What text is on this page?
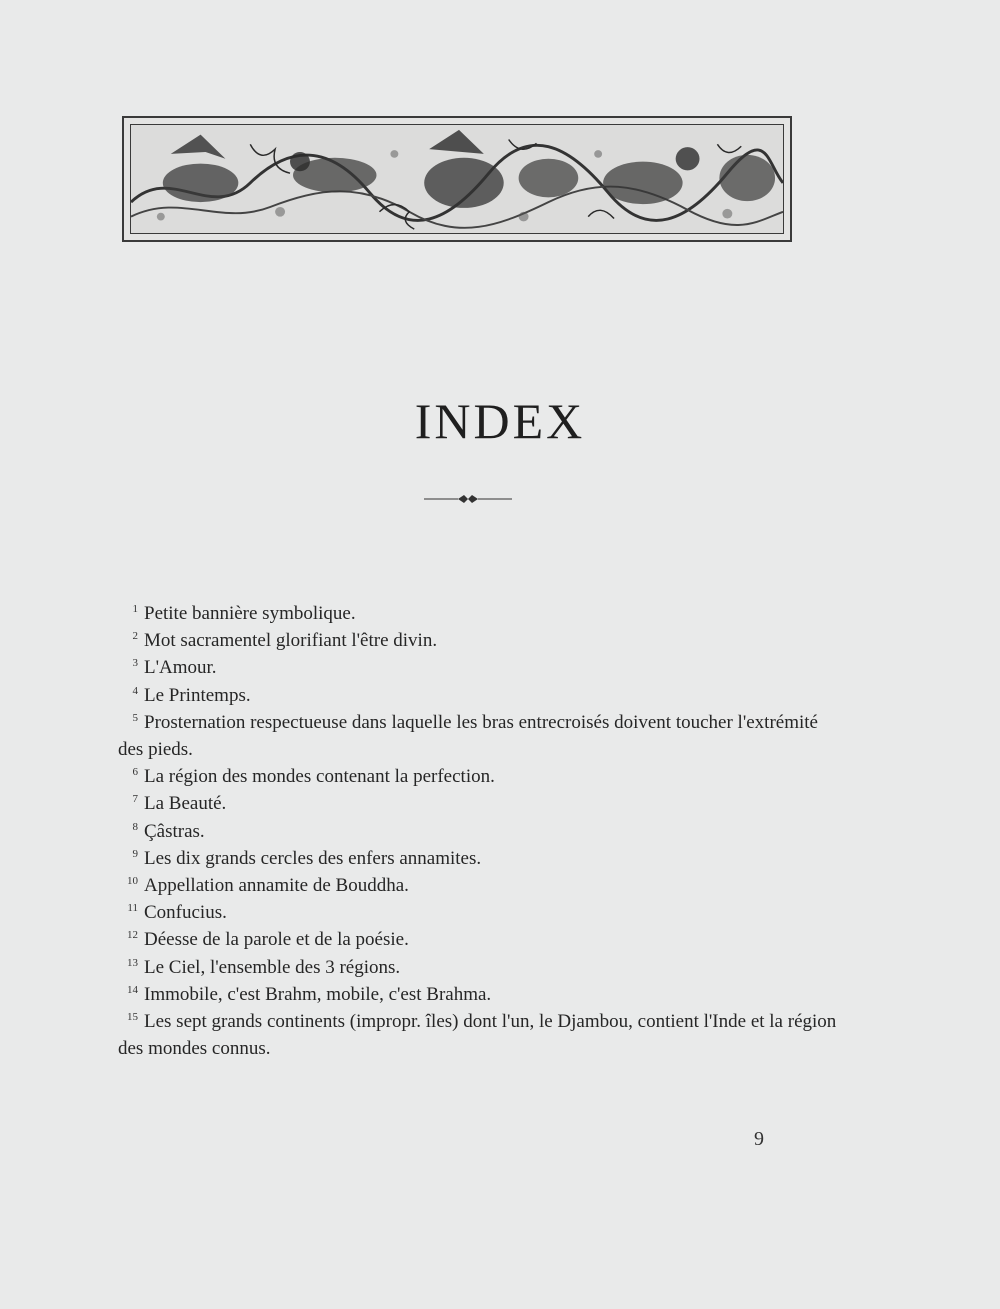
INDEX

1 Petite bannière symbolique.

2 Mot sacramentel glorifiant l'être divin.

3 L'Amour.

4 Le Printemps.

5 Prosternation respectueuse dans laquelle les bras entrecroisés doivent toucher l'extrémité des pieds.

6 La région des mondes contenant la perfection.

7 La Beauté.

8 Çâstras.

9 Les dix grands cercles des enfers annamites.

10 Appellation annamite de Bouddha.

11 Confucius.

12 Déesse de la parole et de la poésie.

13 Le Ciel, l'ensemble des 3 régions.

14 Immobile, c'est Brahm, mobile, c'est Brahma.

15 Les sept grands continents (impropr. îles) dont l'un, le Djambou, contient l'Inde et la région des mondes connus.

9
